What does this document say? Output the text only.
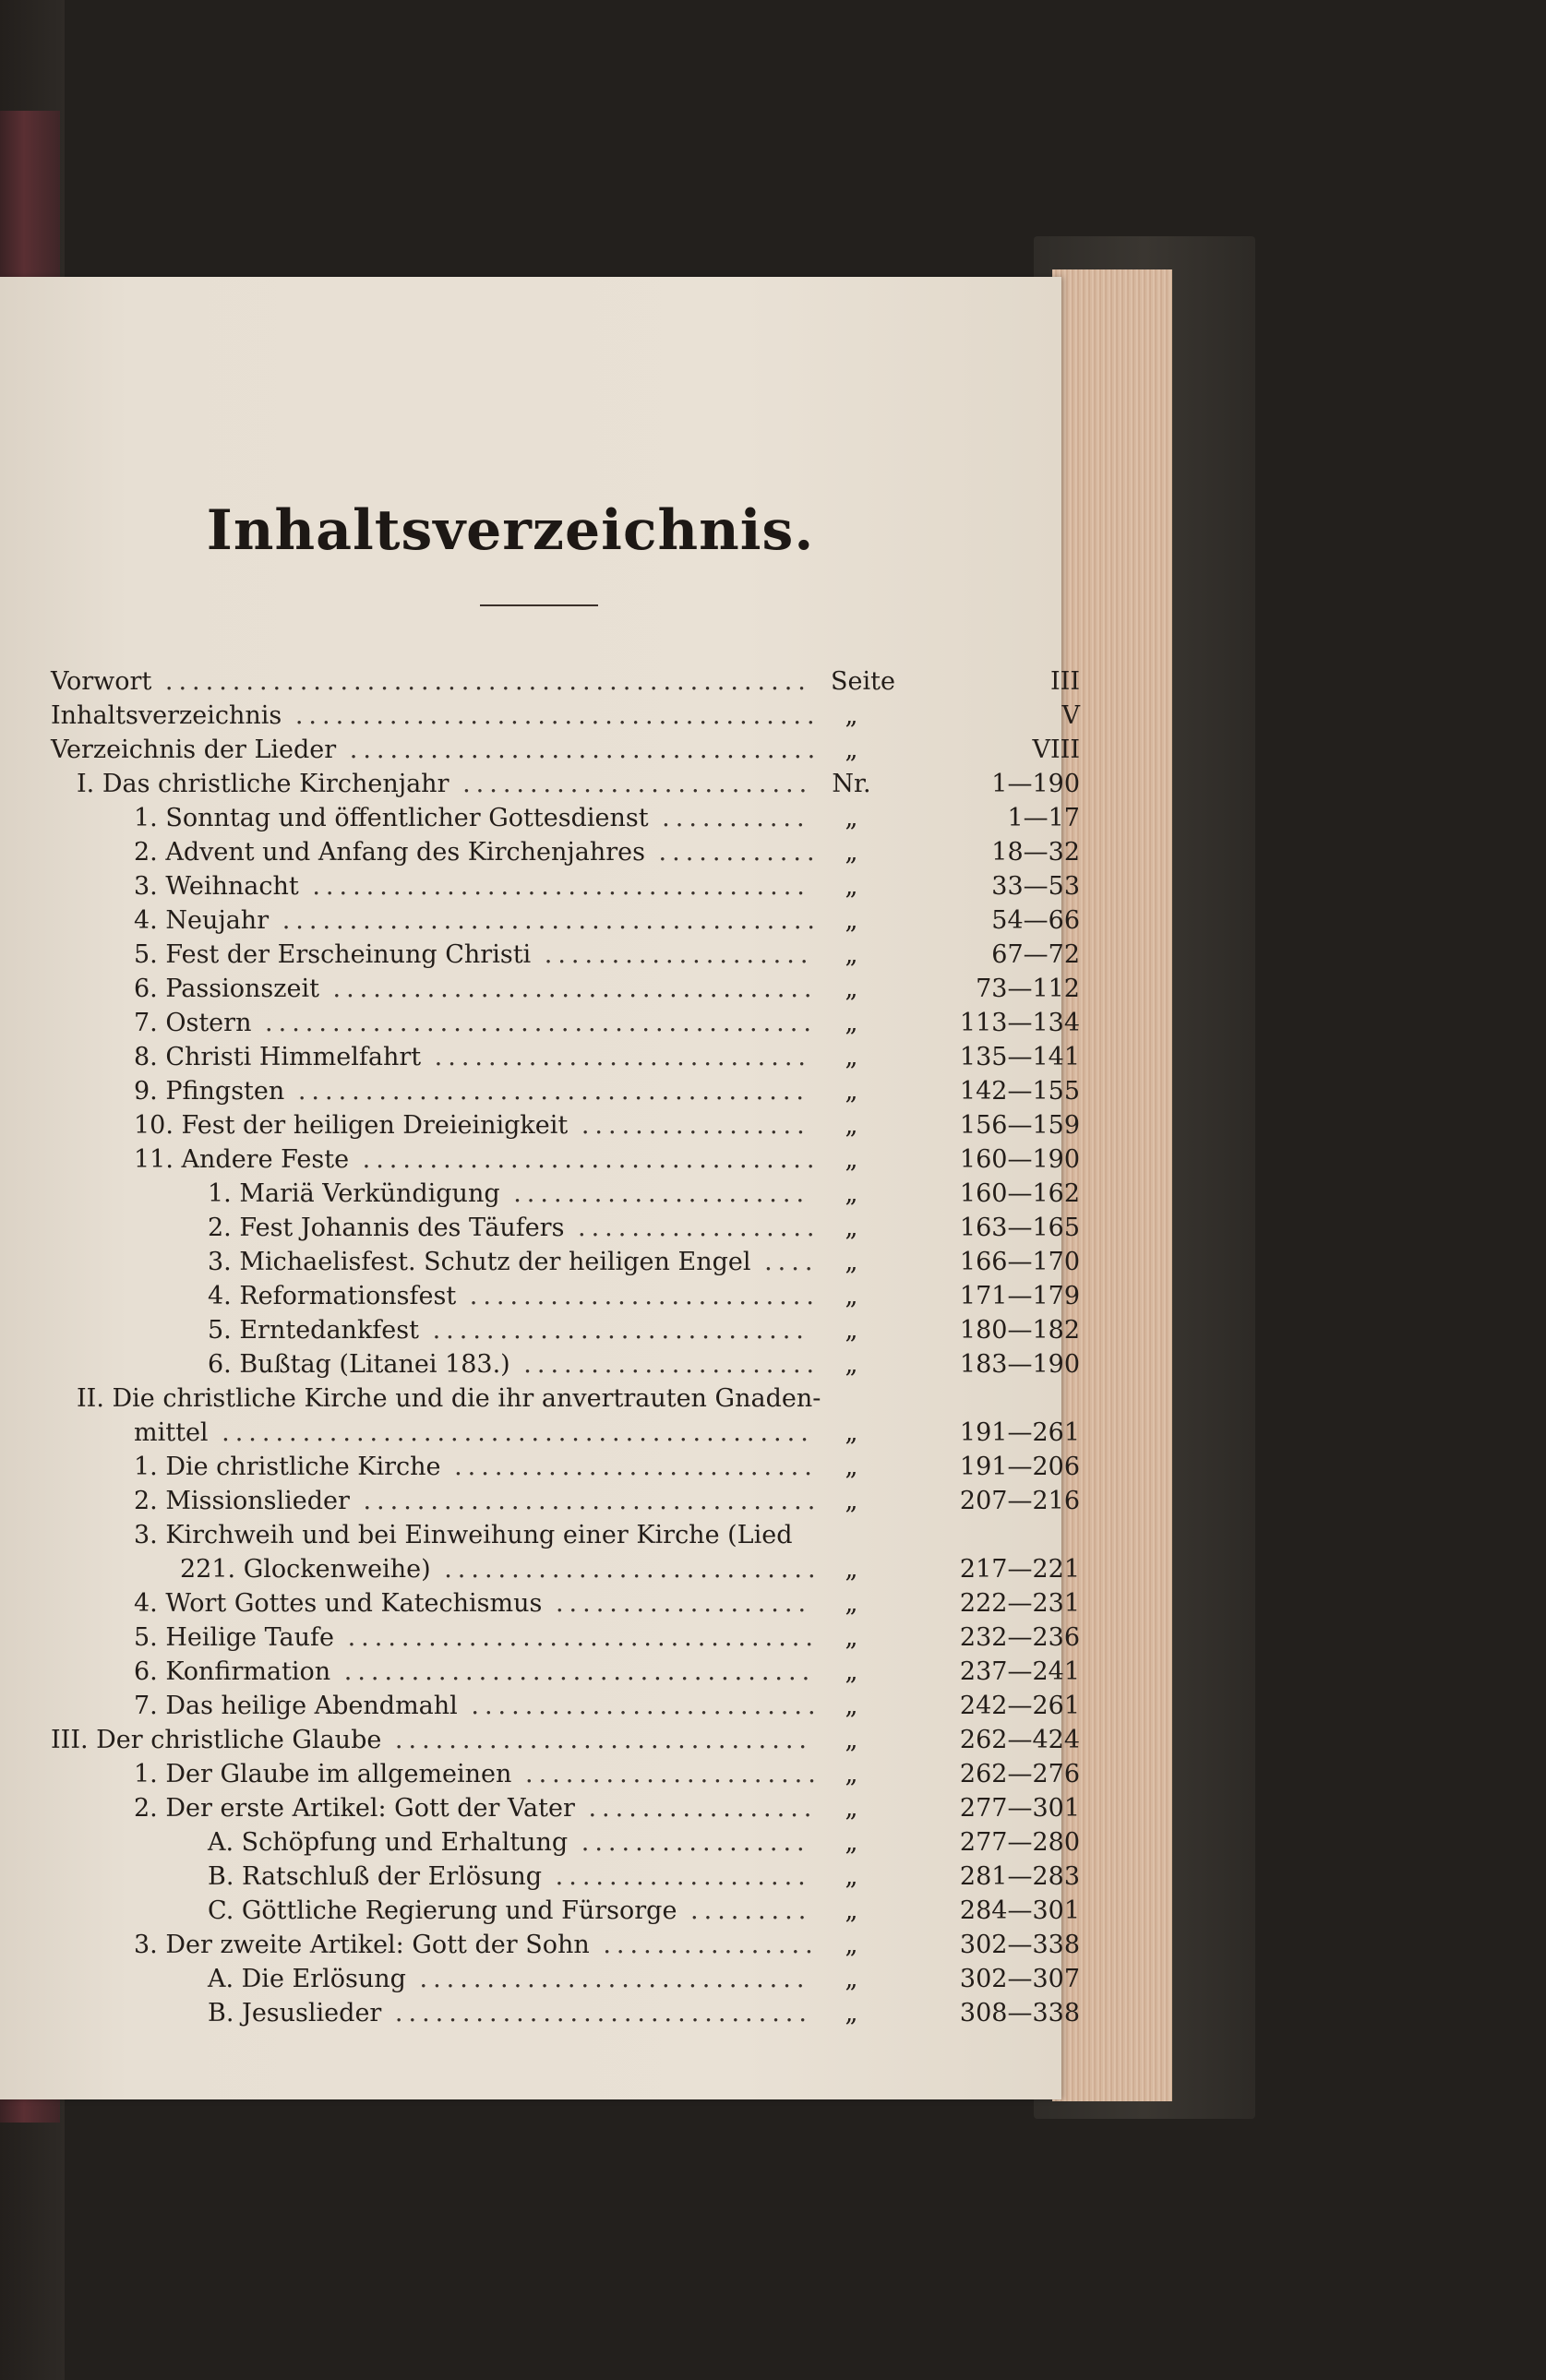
Inhaltsverzeichnis.
Vorwort ................................................ Seite	III
Inhaltsverzeichnis ....................................... „	V
Verzeichnis der Lieder ................................... „	VIII
I. Das christliche Kirchenjahr .......................... Nr.	1—190
1. Sonntag und öffentlicher Gottesdienst ...........	„	1—17
2. Advent und Anfang des Kirchenjahres ............ „	18—32
3. Weihnacht .....................................	„	33—53
4. Neujahr ........................................ „	54—66
5. Fest der Erscheinung Christi ....................	„	67—72
6. Passionszeit ....................................	„	73—112
7. Ostern .........................................	„	113—134
8. Christi Himmelfahrt ............................	„	135—141
9. Pfingsten ......................................	„	142—155
10. Fest der heiligen Dreieinigkeit .................	„	156—159
11. Andere Feste ..................................	„	160—190
1. Mariä Verkündigung ......................	„	160—162
2. Fest Johannis des Täufers .................. „	163—165
3. Michaelisfest. Schutz der heiligen Engel ....	„	166—170
4. Reformationsfest ..........................	„	171—179
5. Erntedankfest ............................	„	180—182
6. Bußtag (Litanei 183.) ......................	„	183—190
II. Die christliche Kirche und die ihr anvertrauten Gnaden-
mittel ............................................	„	191—261
1. Die christliche Kirche ...........................	„	191—206
2. Missionslieder .................................. „	207—216
3. Kirchweih und bei Einweihung einer Kirche (Lied
221. Glockenweihe) ............................ „	217—221
4. Wort Gottes und Katechismus ...................	„	222—231
5. Heilige Taufe ...................................	„	232—236
6. Konfirmation ...................................	„	237—241
7. Das heilige Abendmahl .......................... „	242—261
III. Der christliche Glaube ...............................	„	262—424
1. Der Glaube im allgemeinen ...................... „	262—276
2. Der erste Artikel: Gott der Vater .................	„	277—301
A. Schöpfung und Erhaltung .................	„	277—280
B. Ratschluß der Erlösung ...................	„	281—283
C. Göttliche Regierung und Fürsorge .........	„	284—301
3. Der zweite Artikel: Gott der Sohn ................	„	302—338
A. Die Erlösung .............................	„	302—307
B. Jesuslieder ...............................	„	308—338
